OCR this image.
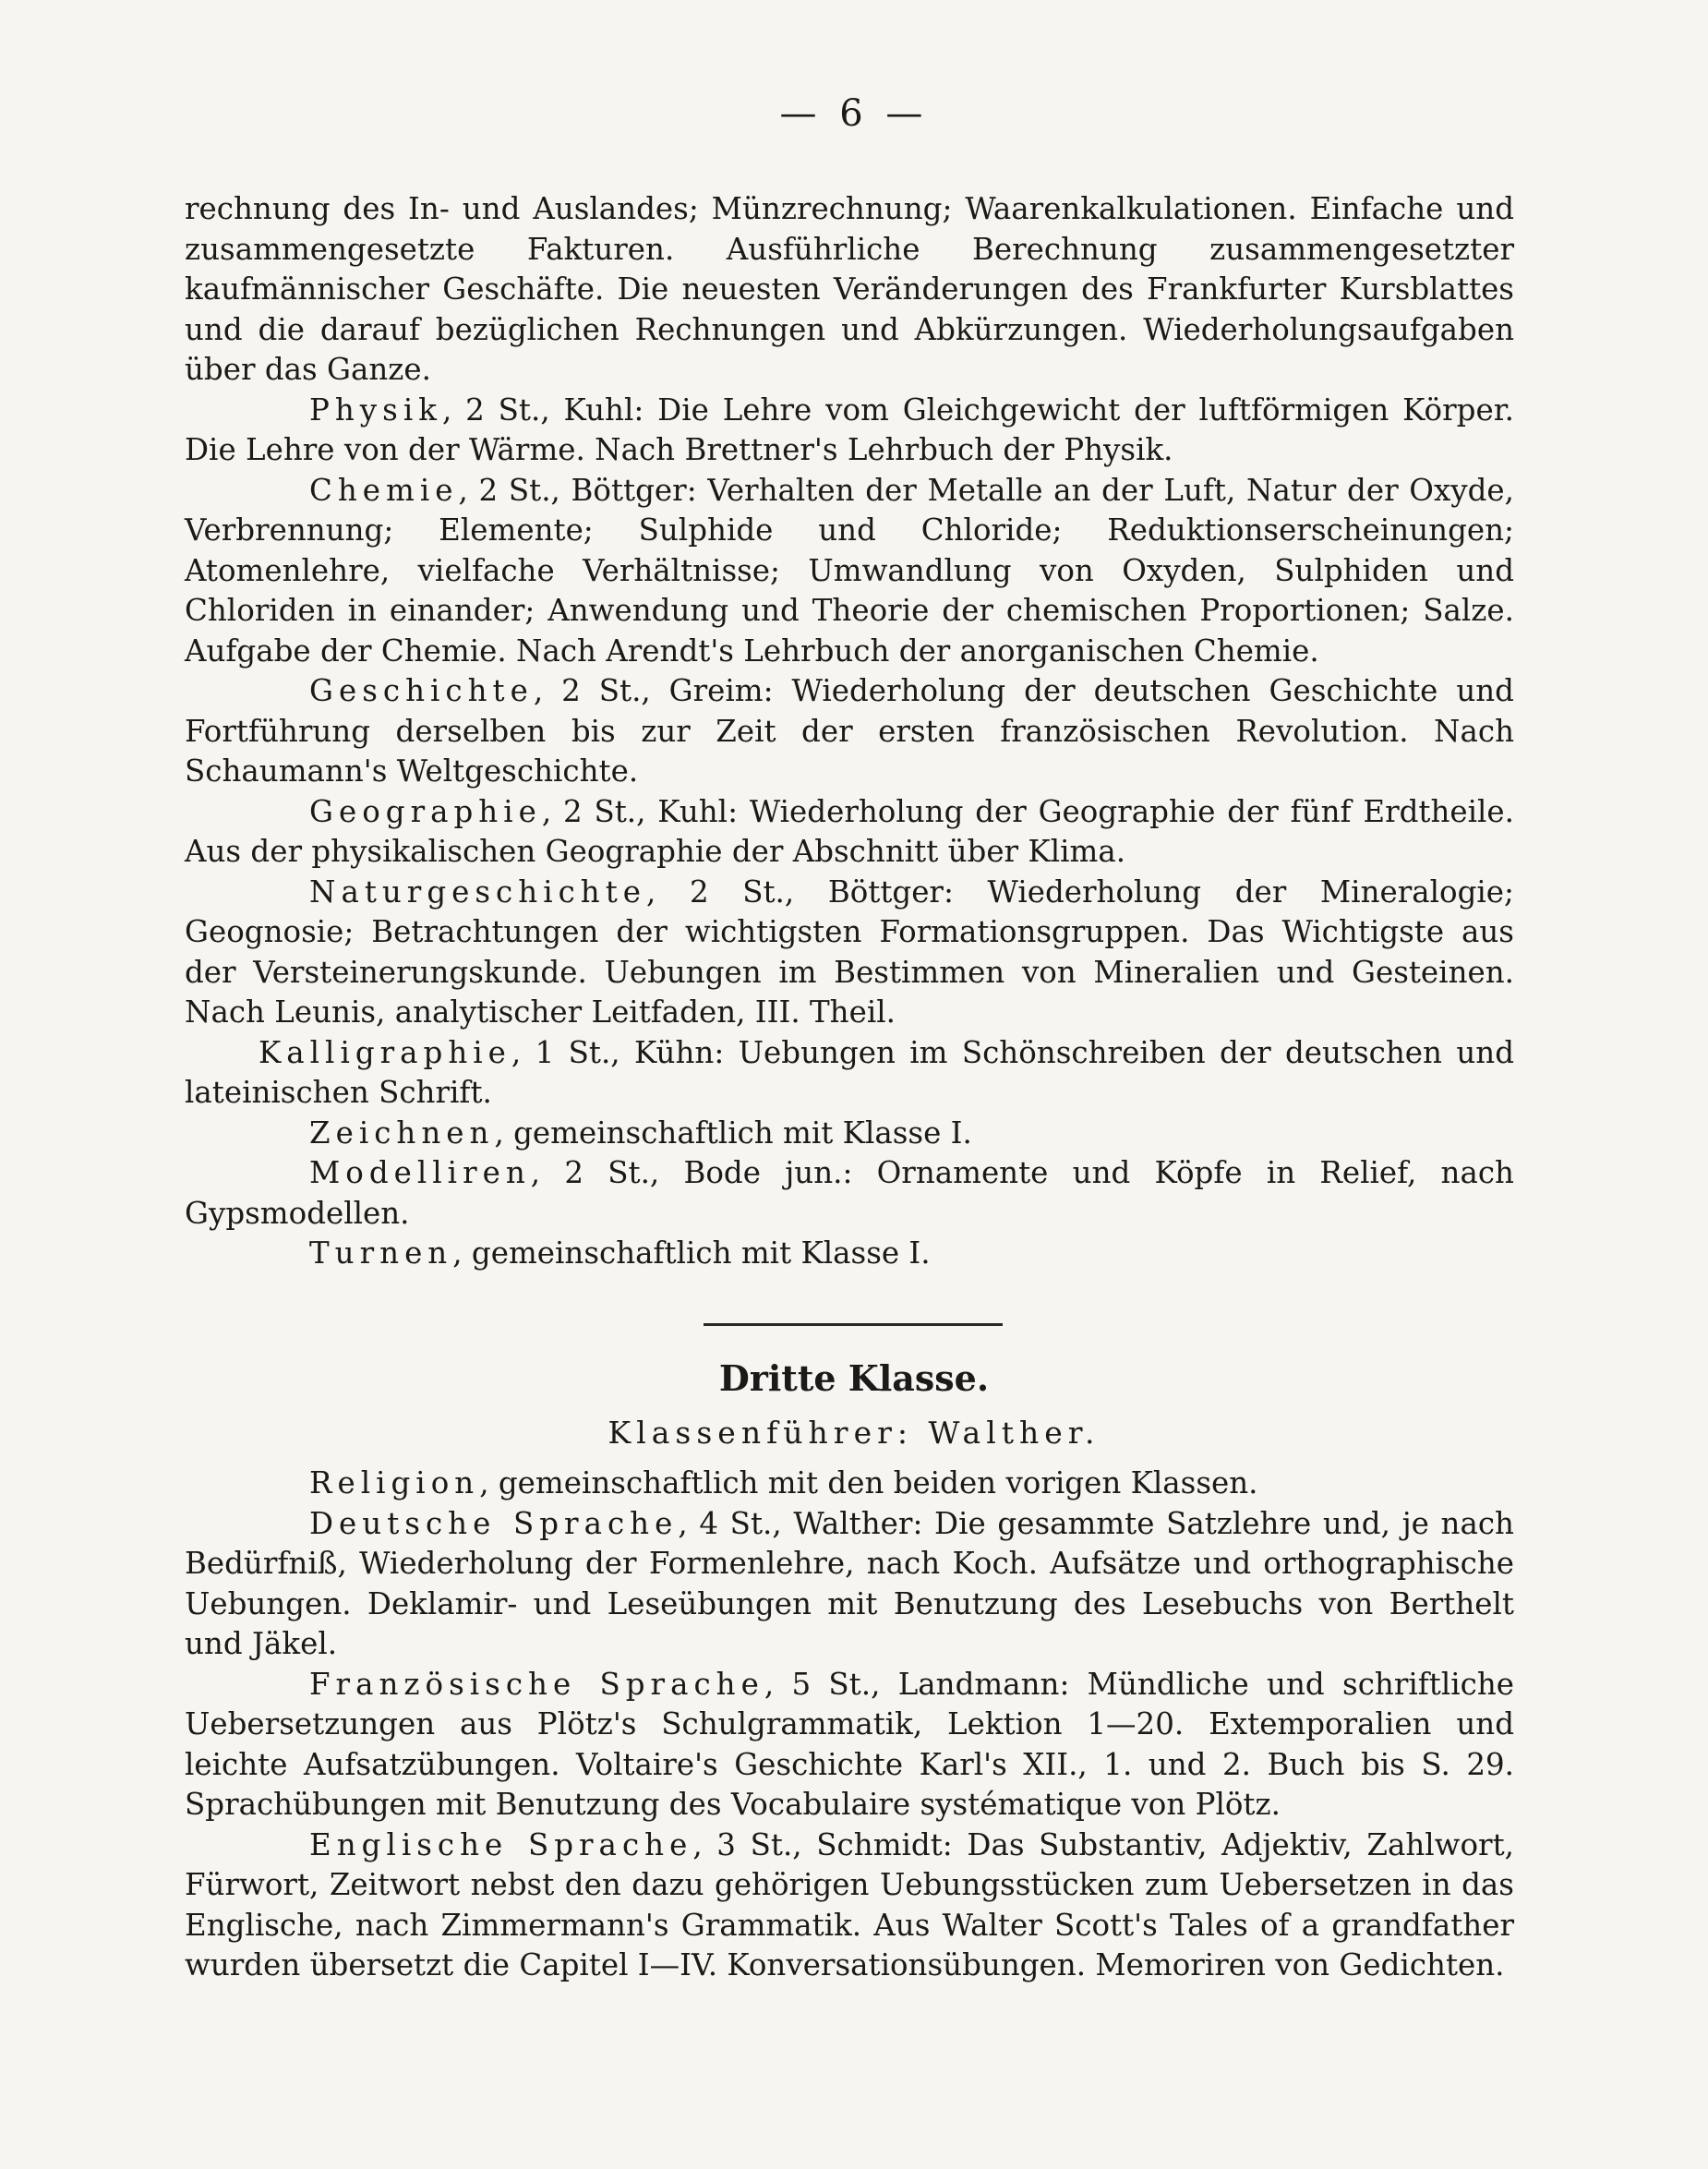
— 6 —

rechnung des In- und Auslandes; Münzrechnung; Waarenkalkulationen. Einfache und zusammengesetzte Fakturen. Ausführliche Berechnung zusammengesetzter kaufmännischer Geschäfte. Die neuesten Veränderungen des Frankfurter Kursblattes und die darauf bezüglichen Rechnungen und Abkürzungen. Wiederholungsaufgaben über das Ganze.

Physik, 2 St., Kuhl: Die Lehre vom Gleichgewicht der luftförmigen Körper. Die Lehre von der Wärme. Nach Brettner's Lehrbuch der Physik.

Chemie, 2 St., Böttger: Verhalten der Metalle an der Luft, Natur der Oxyde, Verbrennung; Elemente; Sulphide und Chloride; Reduktionserscheinungen; Atomenlehre, vielfache Verhältnisse; Umwandlung von Oxyden, Sulphiden und Chloriden in einander; Anwendung und Theorie der chemischen Proportionen; Salze. Aufgabe der Chemie. Nach Arendt's Lehrbuch der anorganischen Chemie.

Geschichte, 2 St., Greim: Wiederholung der deutschen Geschichte und Fortführung derselben bis zur Zeit der ersten französischen Revolution. Nach Schaumann's Weltgeschichte.

Geographie, 2 St., Kuhl: Wiederholung der Geographie der fünf Erdtheile. Aus der physikalischen Geographie der Abschnitt über Klima.

Naturgeschichte, 2 St., Böttger: Wiederholung der Mineralogie; Geognosie; Betrachtungen der wichtigsten Formationsgruppen. Das Wichtigste aus der Versteinerungskunde. Uebungen im Bestimmen von Mineralien und Gesteinen. Nach Leunis, analytischer Leitfaden, III. Theil.

Kalligraphie, 1 St., Kühn: Uebungen im Schönschreiben der deutschen und lateinischen Schrift.

Zeichnen, gemeinschaftlich mit Klasse I.

Modelliren, 2 St., Bode jun.: Ornamente und Köpfe in Relief, nach Gypsmodellen.

Turnen, gemeinschaftlich mit Klasse I.

Dritte Klasse.
Klassenführer: Walther.

Religion, gemeinschaftlich mit den beiden vorigen Klassen.

Deutsche Sprache, 4 St., Walther: Die gesammte Satzlehre und, je nach Bedürfniß, Wiederholung der Formenlehre, nach Koch. Aufsätze und orthographische Uebungen. Deklamir- und Leseübungen mit Benutzung des Lesebuchs von Berthelt und Jäkel.

Französische Sprache, 5 St., Landmann: Mündliche und schriftliche Uebersetzungen aus Plötz's Schulgrammatik, Lektion 1—20. Extemporalien und leichte Aufsatzübungen. Voltaire's Geschichte Karl's XII., 1. und 2. Buch bis S. 29. Sprachübungen mit Benutzung des Vocabulaire systématique von Plötz.

Englische Sprache, 3 St., Schmidt: Das Substantiv, Adjektiv, Zahlwort, Fürwort, Zeitwort nebst den dazu gehörigen Uebungsstücken zum Uebersetzen in das Englische, nach Zimmermann's Grammatik. Aus Walter Scott's Tales of a grandfather wurden übersetzt die Capitel I—IV. Konversationsübungen. Memoriren von Gedichten.
